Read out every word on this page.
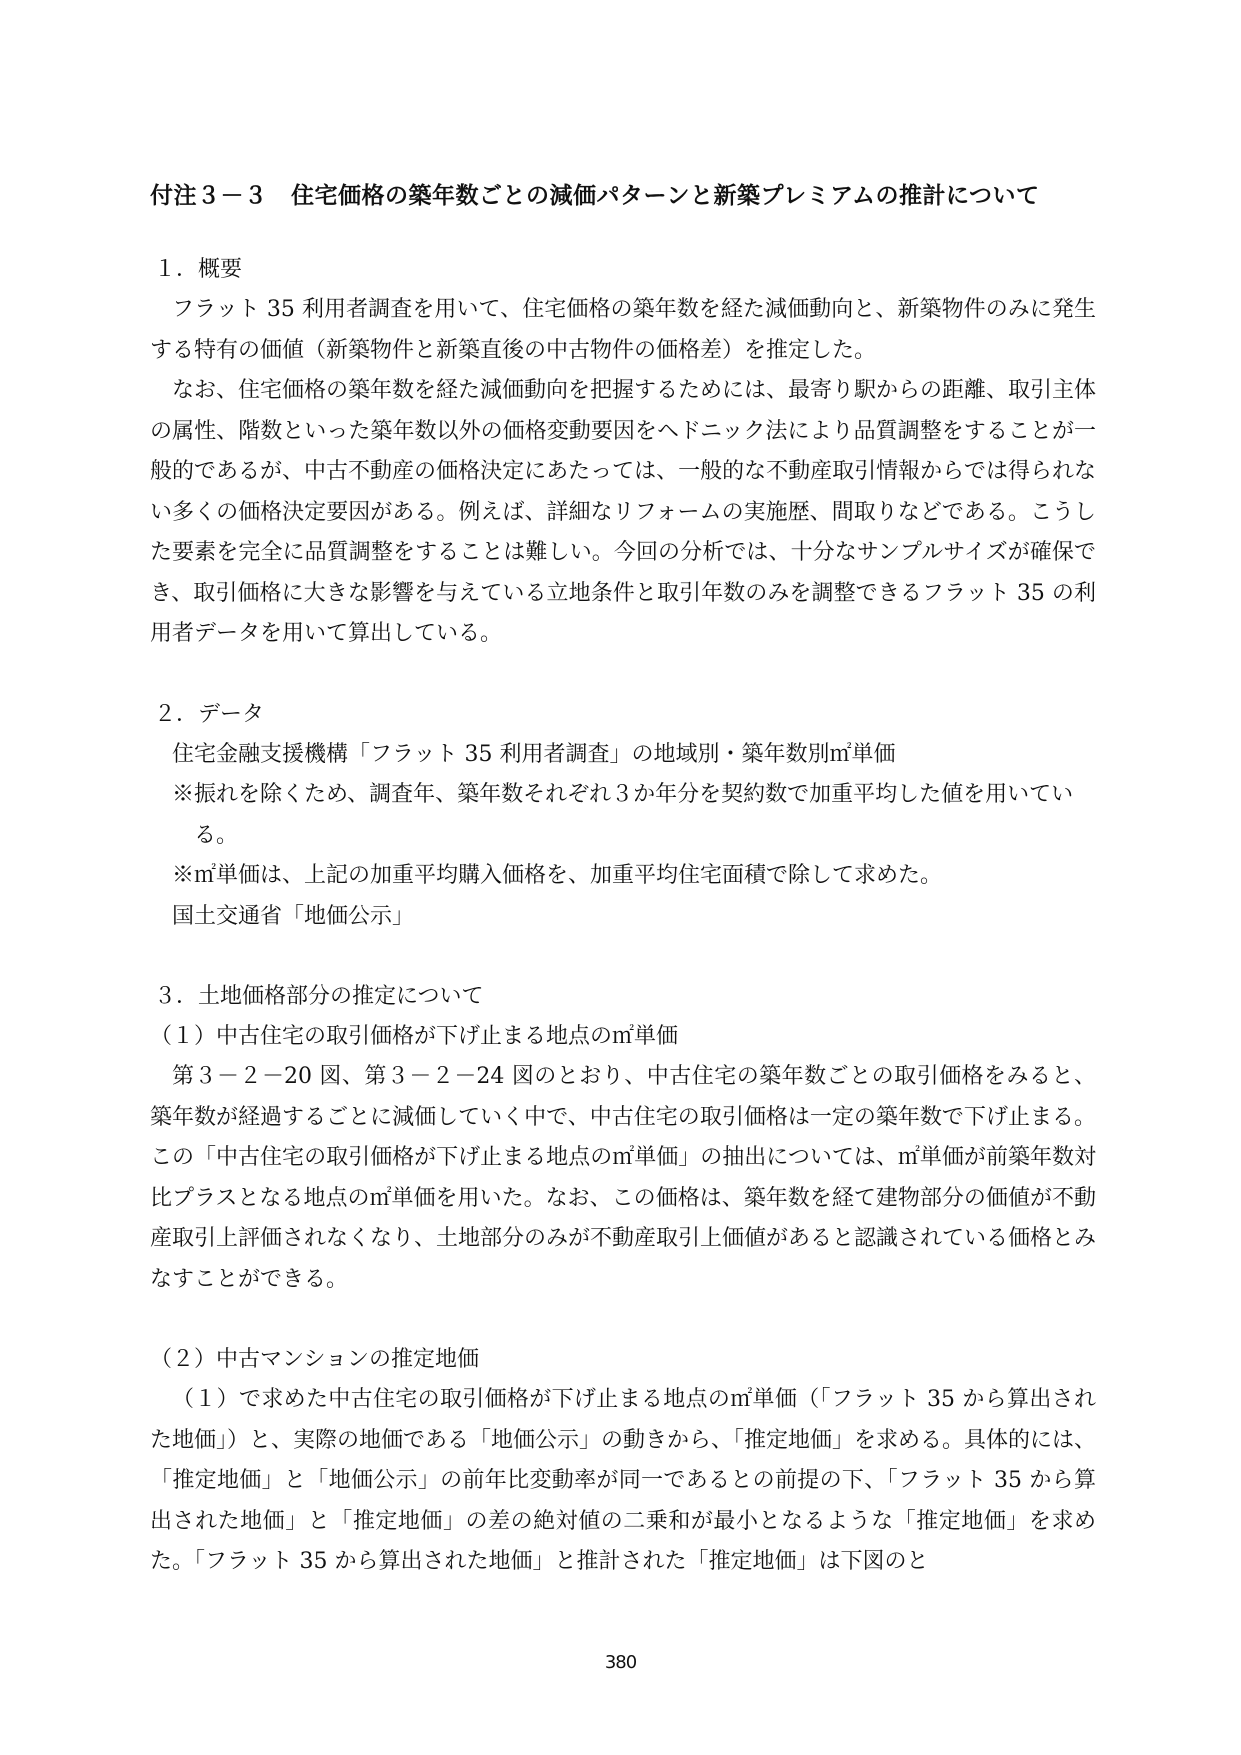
付注３－３　住宅価格の築年数ごとの減価パターンと新築プレミアムの推計について

１．概要

フラット 35 利用者調査を用いて、住宅価格の築年数を経た減価動向と、新築物件のみに発生する特有の価値（新築物件と新築直後の中古物件の価格差）を推定した。

なお、住宅価格の築年数を経た減価動向を把握するためには、最寄り駅からの距離、取引主体の属性、階数といった築年数以外の価格変動要因をヘドニック法により品質調整をすることが一般的であるが、中古不動産の価格決定にあたっては、一般的な不動産取引情報からでは得られない多くの価格決定要因がある。例えば、詳細なリフォームの実施歴、間取りなどである。こうした要素を完全に品質調整をすることは難しい。今回の分析では、十分なサンプルサイズが確保でき、取引価格に大きな影響を与えている立地条件と取引年数のみを調整できるフラット 35 の利用者データを用いて算出している。

２．データ

住宅金融支援機構「フラット 35 利用者調査」の地域別・築年数別㎡単価

※振れを除くため、調査年、築年数それぞれ３か年分を契約数で加重平均した値を用いている。

※㎡単価は、上記の加重平均購入価格を、加重平均住宅面積で除して求めた。

国土交通省「地価公示」

３．土地価格部分の推定について

（１）中古住宅の取引価格が下げ止まる地点の㎡単価

第３－２－20 図、第３－２－24 図のとおり、中古住宅の築年数ごとの取引価格をみると、築年数が経過するごとに減価していく中で、中古住宅の取引価格は一定の築年数で下げ止まる。この「中古住宅の取引価格が下げ止まる地点の㎡単価」の抽出については、㎡単価が前築年数対比プラスとなる地点の㎡単価を用いた。なお、この価格は、築年数を経て建物部分の価値が不動産取引上評価されなくなり、土地部分のみが不動産取引上価値があると認識されている価格とみなすことができる。

（２）中古マンションの推定地価

（１）で求めた中古住宅の取引価格が下げ止まる地点の㎡単価（「フラット 35 から算出された地価」）と、実際の地価である「地価公示」の動きから、「推定地価」を求める。具体的には、「推定地価」と「地価公示」の前年比変動率が同一であるとの前提の下、「フラット 35 から算出された地価」と「推定地価」の差の絶対値の二乗和が最小となるような「推定地価」を求めた。「フラット 35 から算出された地価」と推計された「推定地価」は下図のと

380
